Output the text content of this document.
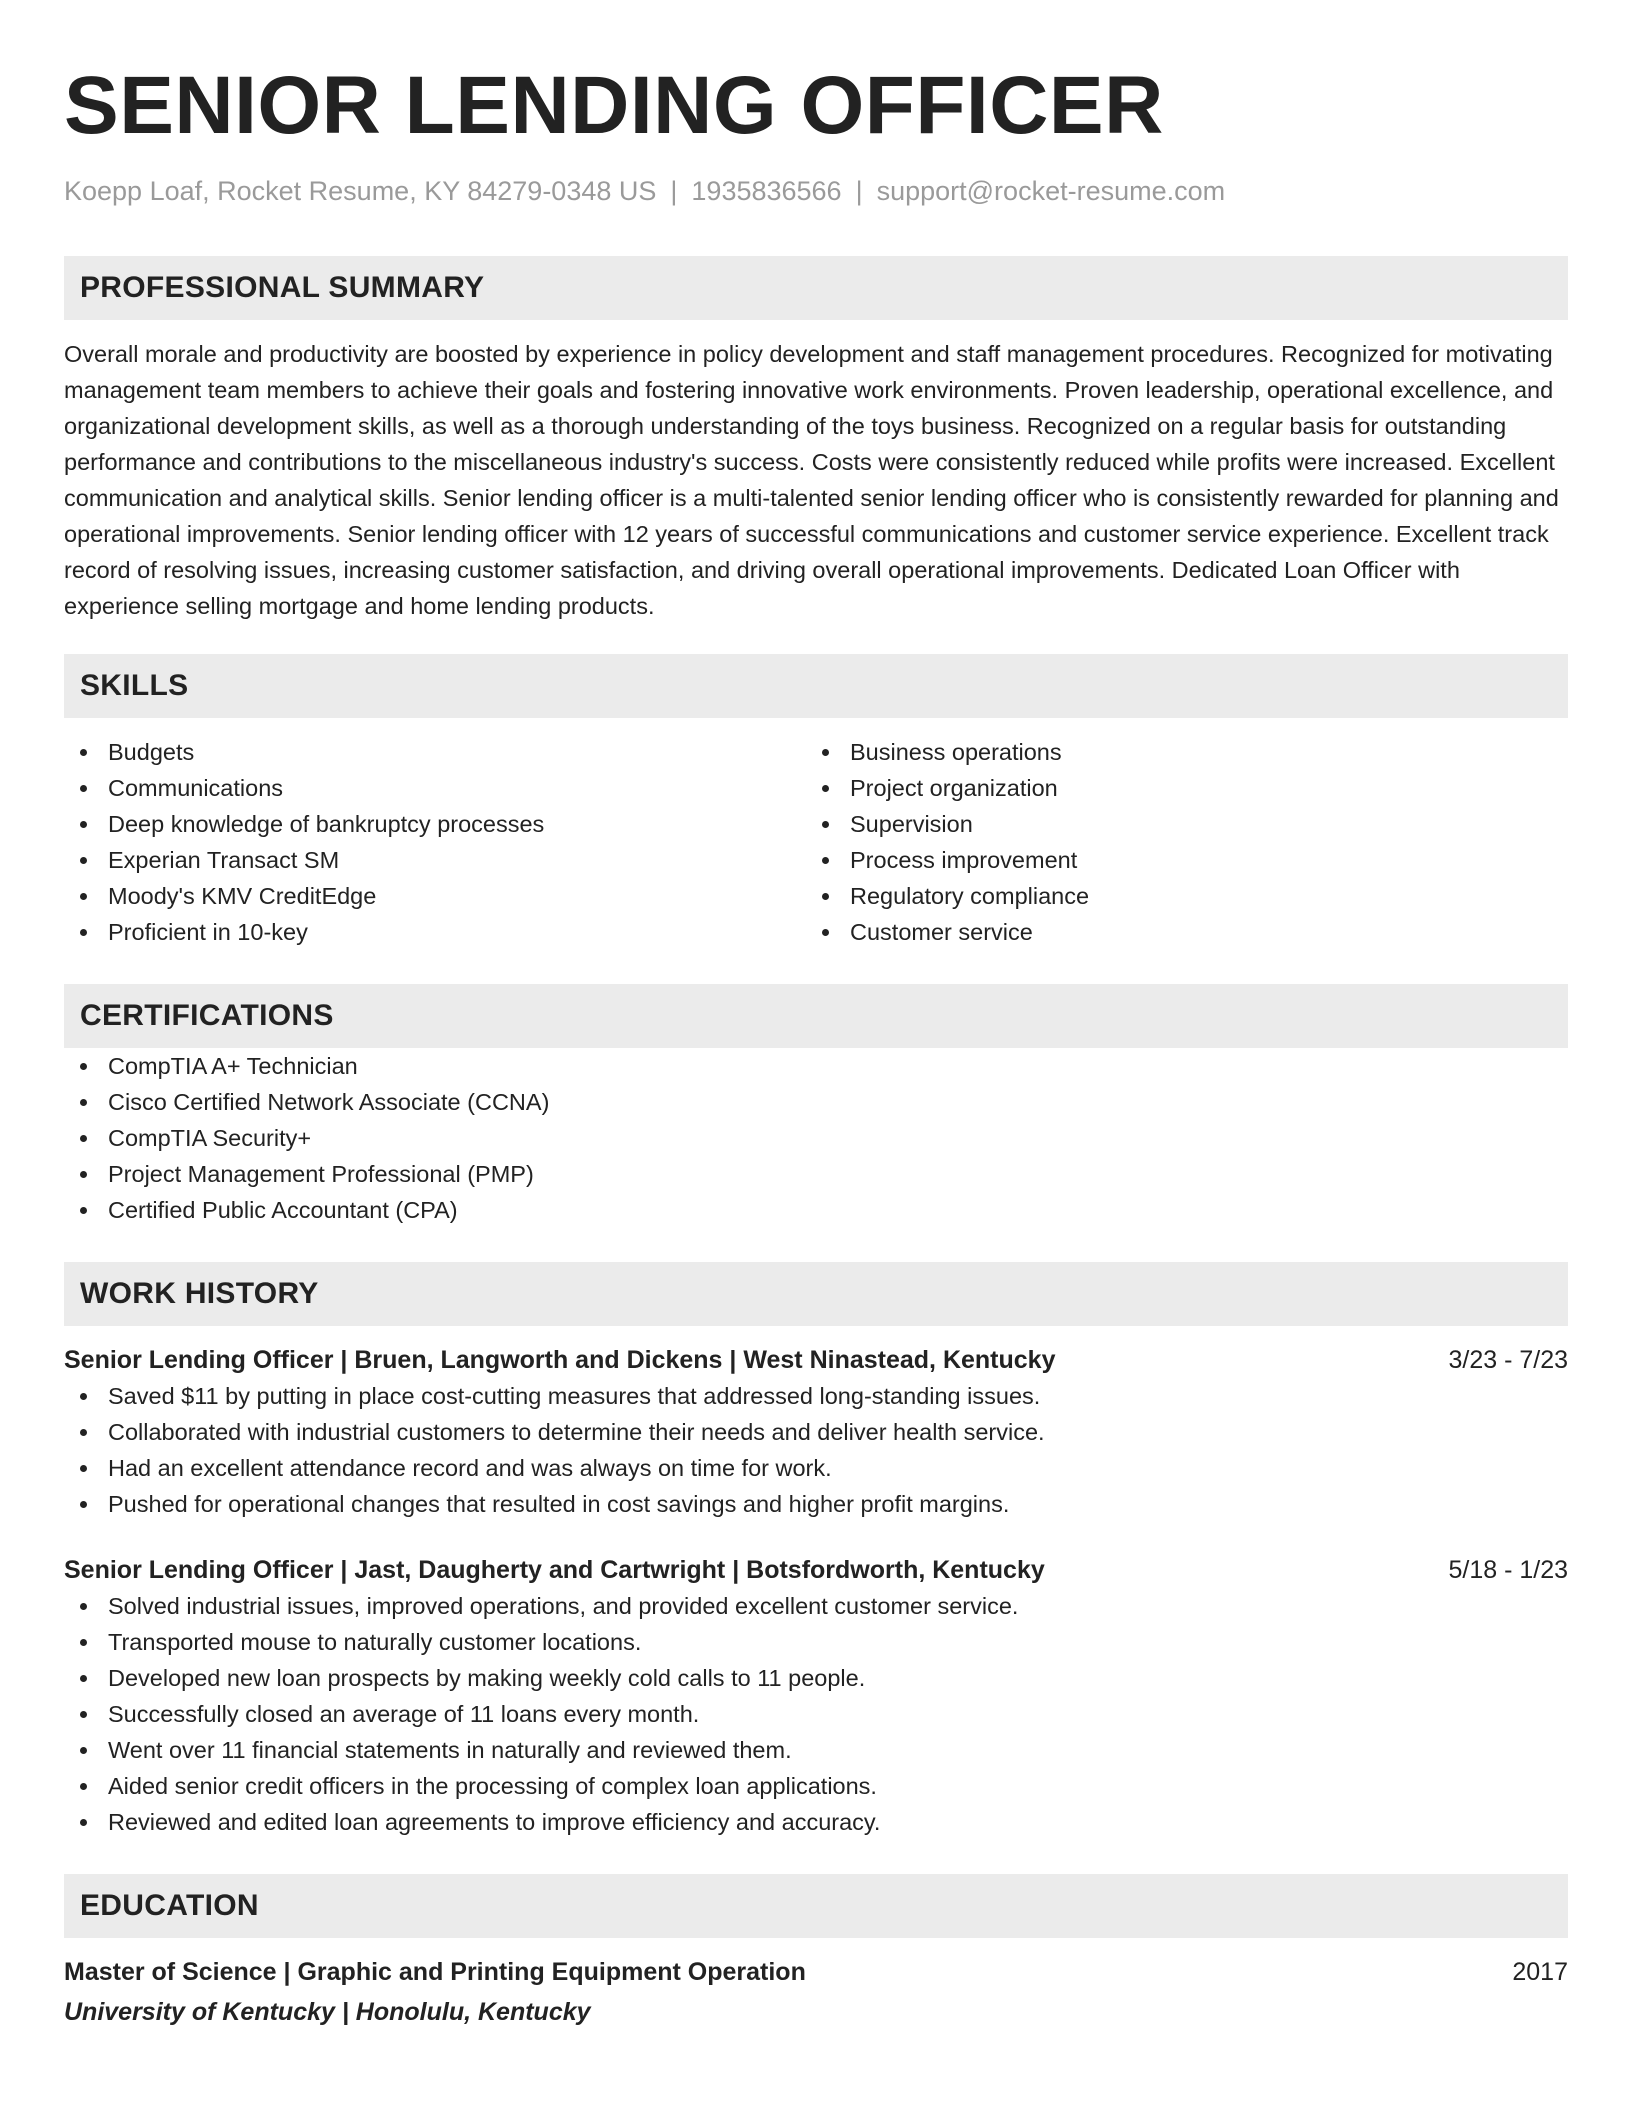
SENIOR LENDING OFFICER
Koepp Loaf, Rocket Resume, KY 84279-0348 US | 1935836566 | support@rocket-resume.com
PROFESSIONAL SUMMARY
Overall morale and productivity are boosted by experience in policy development and staff management procedures. Recognized for motivating management team members to achieve their goals and fostering innovative work environments. Proven leadership, operational excellence, and organizational development skills, as well as a thorough understanding of the toys business. Recognized on a regular basis for outstanding performance and contributions to the miscellaneous industry's success. Costs were consistently reduced while profits were increased. Excellent communication and analytical skills. Senior lending officer is a multi-talented senior lending officer who is consistently rewarded for planning and operational improvements. Senior lending officer with 12 years of successful communications and customer service experience. Excellent track record of resolving issues, increasing customer satisfaction, and driving overall operational improvements. Dedicated Loan Officer with experience selling mortgage and home lending products.
SKILLS
Budgets
Communications
Deep knowledge of bankruptcy processes
Experian Transact SM
Moody's KMV CreditEdge
Proficient in 10-key
Business operations
Project organization
Supervision
Process improvement
Regulatory compliance
Customer service
CERTIFICATIONS
CompTIA A+ Technician
Cisco Certified Network Associate (CCNA)
CompTIA Security+
Project Management Professional (PMP)
Certified Public Accountant (CPA)
WORK HISTORY
Senior Lending Officer | Bruen, Langworth and Dickens | West Ninastead, Kentucky	3/23 - 7/23
Saved $11 by putting in place cost-cutting measures that addressed long-standing issues.
Collaborated with industrial customers to determine their needs and deliver health service.
Had an excellent attendance record and was always on time for work.
Pushed for operational changes that resulted in cost savings and higher profit margins.
Senior Lending Officer | Jast, Daugherty and Cartwright | Botsfordworth, Kentucky	5/18 - 1/23
Solved industrial issues, improved operations, and provided excellent customer service.
Transported mouse to naturally customer locations.
Developed new loan prospects by making weekly cold calls to 11 people.
Successfully closed an average of 11 loans every month.
Went over 11 financial statements in naturally and reviewed them.
Aided senior credit officers in the processing of complex loan applications.
Reviewed and edited loan agreements to improve efficiency and accuracy.
EDUCATION
Master of Science | Graphic and Printing Equipment Operation	2017
University of Kentucky | Honolulu, Kentucky
